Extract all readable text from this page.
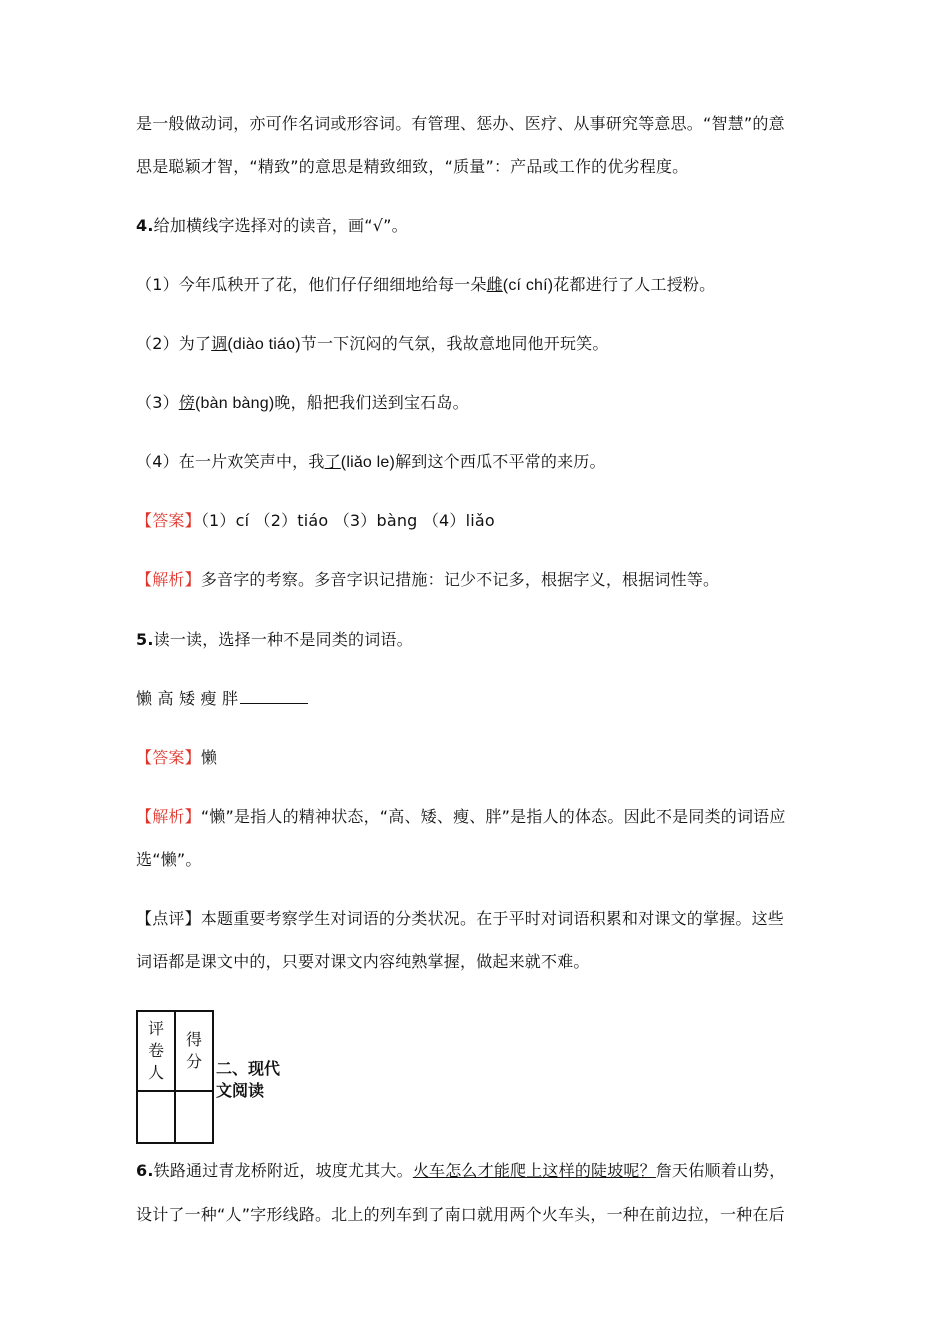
是一般做动词，亦可作名词或形容词。有管理、惩办、医疗、从事研究等意思。“智慧”的意
思是聪颖才智，“精致”的意思是精致细致，“质量”：产品或工作的优劣程度。
4.给加横线字选择对的读音，画“√”。
（1）今年瓜秧开了花，他们仔仔细细地给每一朵雌(cí chí)花都进行了人工授粉。
（2）为了调(diào tiáo)节一下沉闷的气氛，我故意地同他开玩笑。
（3）傍(bàn bàng)晚，船把我们送到宝石岛。
（4）在一片欢笑声中，我了(liǎo le)解到这个西瓜不平常的来历。
【答案】（1）cí （2）tiáo （3）bàng （4）liǎo
【解析】多音字的考察。多音字识记措施：记少不记多，根据字义，根据词性等。
5.读一读，选择一种不是同类的词语。
懒 高 矮 瘦 胖
【答案】懒
【解析】“懒”是指人的精神状态，“高、矮、瘦、胖”是指人的体态。因此不是同类的词语应
选“懒”。
【点评】本题重要考察学生对词语的分类状况。在于平时对词语积累和对课文的掌握。这些
词语都是课文中的，只要对课文内容纯熟掌握，做起来就不难。
评卷人	得分
	二、现代文阅读
6.铁路通过青龙桥附近，坡度尤其大。火车怎么才能爬上这样的陡坡呢？詹天佑顺着山势，
设计了一种“人”字形线路。北上的列车到了南口就用两个火车头，一种在前边拉，一种在后
